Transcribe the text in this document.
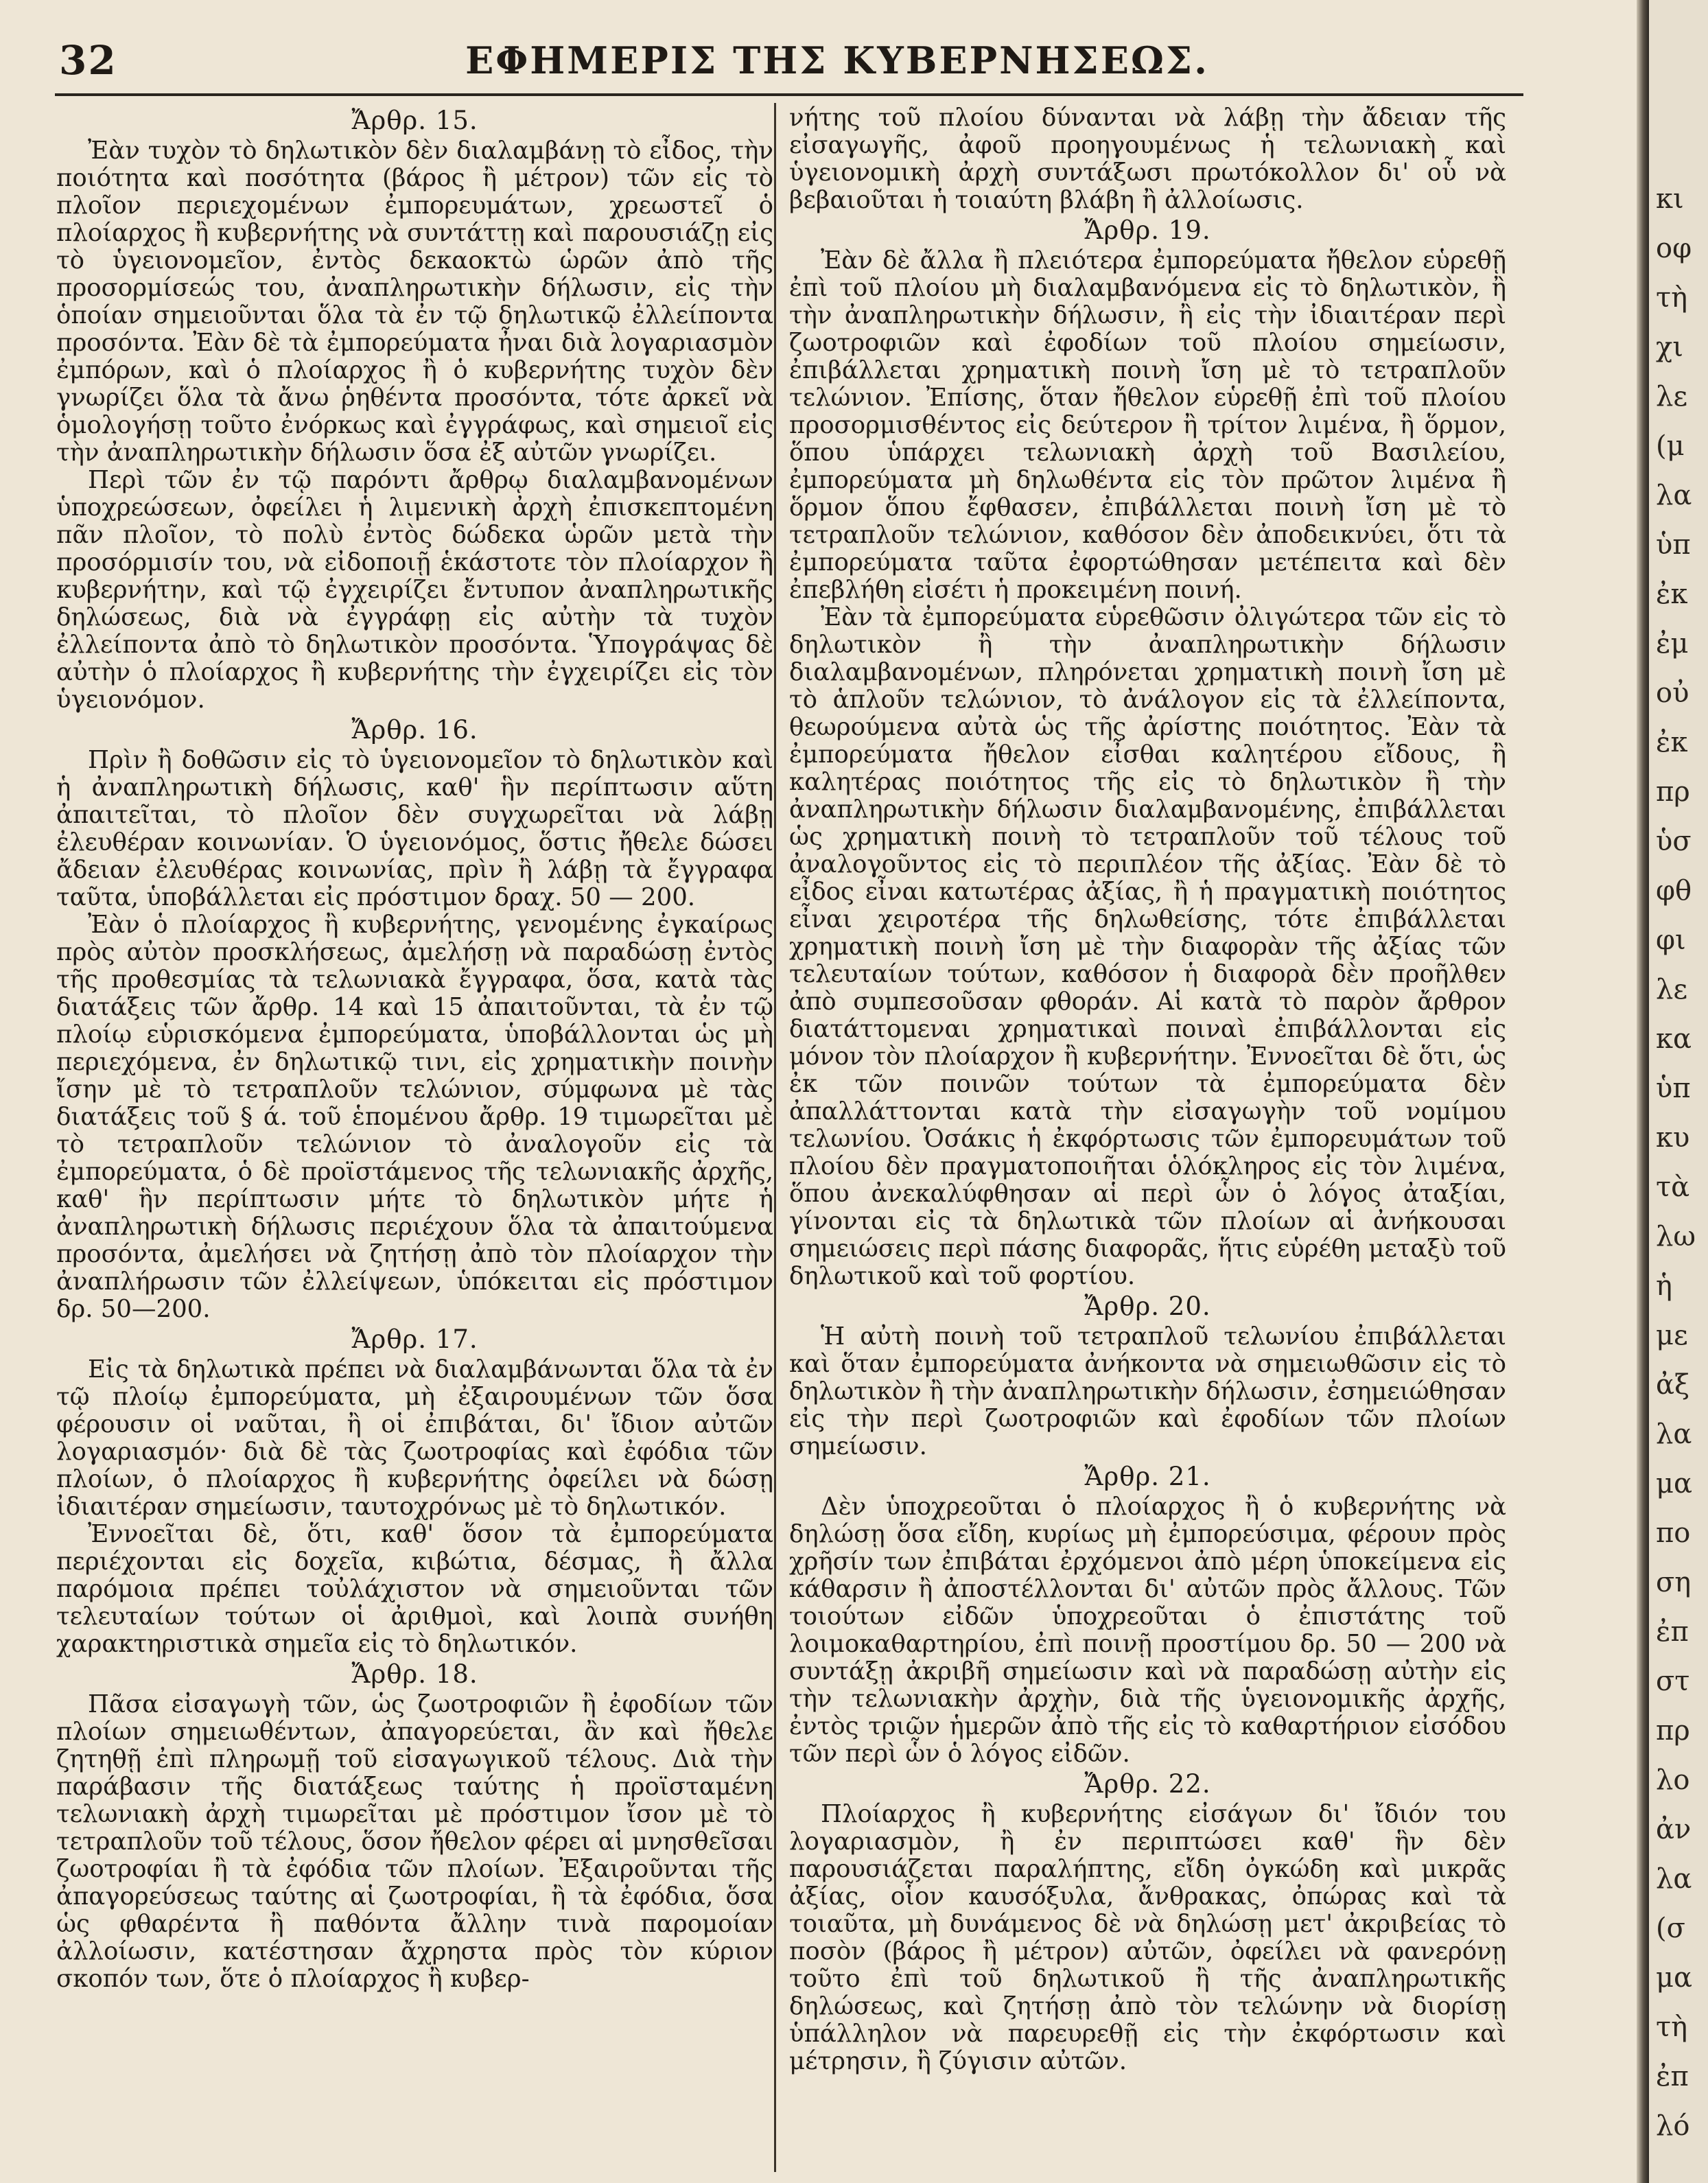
32	ΕΦΗΜΕΡΙΣ ΤΗΣ ΚΥΒΕΡΝΗΣΕΩΣ.
Ἄρθρ. 15.

Ἐὰν τυχὸν τὸ δηλωτικὸν δὲν διαλαμβάνῃ τὸ εἶδος, τὴν ποιότητα καὶ ποσότητα (βάρος ἢ μέτρον) τῶν εἰς τὸ πλοῖον περιεχομένων ἐμπορευμάτων, χρεωστεῖ ὁ πλοίαρχος ἢ κυβερνήτης νὰ συντάττῃ καὶ παρουσιάζῃ εἰς τὸ ὑγειονομεῖον, ἐντὸς δεκαοκτὼ ὡρῶν ἀπὸ τῆς προσορμίσεώς του, ἀναπληρωτικὴν δήλωσιν, εἰς τὴν ὁποίαν σημειοῦνται ὅλα τὰ ἐν τῷ δηλωτικῷ ἐλλείποντα προσόντα. Ἐὰν δὲ τὰ ἐμπορεύματα ἦναι διὰ λογαριασμὸν ἐμπόρων, καὶ ὁ πλοίαρχος ἢ ὁ κυβερνήτης τυχὸν δὲν γνωρίζει ὅλα τὰ ἄνω ῥηθέντα προσόντα, τότε ἀρκεῖ νὰ ὁμολογήσῃ τοῦτο ἐνόρκως καὶ ἐγγράφως, καὶ σημειοῖ εἰς τὴν ἀναπληρωτικὴν δήλωσιν ὅσα ἐξ αὐτῶν γνωρίζει.

Περὶ τῶν ἐν τῷ παρόντι ἄρθρῳ διαλαμβανομένων ὑποχρεώσεων, ὀφείλει ἡ λιμενικὴ ἀρχὴ ἐπισκεπτομένη πᾶν πλοῖον, τὸ πολὺ ἐντὸς δώδεκα ὡρῶν μετὰ τὴν προσόρμισίν του, νὰ εἰδοποιῇ ἑκάστοτε τὸν πλοίαρχον ἢ κυβερνήτην, καὶ τῷ ἐγχειρίζει ἔντυπον ἀναπληρωτικῆς δηλώσεως, διὰ νὰ ἐγγράφῃ εἰς αὐτὴν τὰ τυχὸν ἐλλείποντα ἀπὸ τὸ δηλωτικὸν προσόντα. Ὑπογράψας δὲ αὐτὴν ὁ πλοίαρχος ἢ κυβερνήτης τὴν ἐγχειρίζει εἰς τὸν ὑγειονόμον.

Ἄρθρ. 16.

Πρὶν ἢ δοθῶσιν εἰς τὸ ὑγειονομεῖον τὸ δηλωτικὸν καὶ ἡ ἀναπληρωτικὴ δήλωσις, καθ' ἣν περίπτωσιν αὕτη ἀπαιτεῖται, τὸ πλοῖον δὲν συγχωρεῖται νὰ λάβῃ ἐλευθέραν κοινωνίαν. Ὁ ὑγειονόμος, ὅστις ἤθελε δώσει ἄδειαν ἐλευθέρας κοινωνίας, πρὶν ἢ λάβῃ τὰ ἔγγραφα ταῦτα, ὑποβάλλεται εἰς πρόστιμον δραχ. 50 — 200.

Ἐὰν ὁ πλοίαρχος ἢ κυβερνήτης, γενομένης ἐγκαίρως πρὸς αὐτὸν προσκλήσεως, ἀμελήσῃ νὰ παραδώσῃ ἐντὸς τῆς προθεσμίας τὰ τελωνιακὰ ἔγγραφα, ὅσα, κατὰ τὰς διατάξεις τῶν ἄρθρ. 14 καὶ 15 ἀπαιτοῦνται, τὰ ἐν τῷ πλοίῳ εὑρισκόμενα ἐμπορεύματα, ὑποβάλλονται ὡς μὴ περιεχόμενα, ἐν δηλωτικῷ τινι, εἰς χρηματικὴν ποινὴν ἴσην μὲ τὸ τετραπλοῦν τελώνιον, σύμφωνα μὲ τὰς διατάξεις τοῦ § ά. τοῦ ἑπομένου ἄρθρ. 19 τιμωρεῖται μὲ τὸ τετραπλοῦν τελώνιον τὸ ἀναλογοῦν εἰς τὰ ἐμπορεύματα, ὁ δὲ προϊστάμενος τῆς τελωνιακῆς ἀρχῆς, καθ' ἣν περίπτωσιν μήτε τὸ δηλωτικὸν μήτε ἡ ἀναπληρωτικὴ δήλωσις περιέχουν ὅλα τὰ ἀπαιτούμενα προσόντα, ἀμελήσει νὰ ζητήσῃ ἀπὸ τὸν πλοίαρχον τὴν ἀναπλήρωσιν τῶν ἐλλείψεων, ὑπόκειται εἰς πρόστιμον δρ. 50—200.

Ἄρθρ. 17.

Εἰς τὰ δηλωτικὰ πρέπει νὰ διαλαμβάνωνται ὅλα τὰ ἐν τῷ πλοίῳ ἐμπορεύματα, μὴ ἐξαιρουμένων τῶν ὅσα φέρουσιν οἱ ναῦται, ἢ οἱ ἐπιβάται, δι' ἴδιον αὐτῶν λογαριασμόν· διὰ δὲ τὰς ζωοτροφίας καὶ ἐφόδια τῶν πλοίων, ὁ πλοίαρχος ἢ κυβερνήτης ὀφείλει νὰ δώσῃ ἰδιαιτέραν σημείωσιν, ταυτοχρόνως μὲ τὸ δηλωτικόν.

Ἐννοεῖται δὲ, ὅτι, καθ' ὅσον τὰ ἐμπορεύματα περιέχονται εἰς δοχεῖα, κιβώτια, δέσμας, ἢ ἄλλα παρόμοια πρέπει τοὐλάχιστον νὰ σημειοῦνται τῶν τελευταίων τούτων οἱ ἀριθμοὶ, καὶ λοιπὰ συνήθη χαρακτηριστικὰ σημεῖα εἰς τὸ δηλωτικόν.

Ἄρθρ. 18.

Πᾶσα εἰσαγωγὴ τῶν, ὡς ζωοτροφιῶν ἢ ἐφοδίων τῶν πλοίων σημειωθέντων, ἀπαγορεύεται, ἂν καὶ ἤθελε ζητηθῇ ἐπὶ πληρωμῇ τοῦ εἰσαγωγικοῦ τέλους. Διὰ τὴν παράβασιν τῆς διατάξεως ταύτης ἡ προϊσταμένη τελωνιακὴ ἀρχὴ τιμωρεῖται μὲ πρόστιμον ἴσον μὲ τὸ τετραπλοῦν τοῦ τέλους, ὅσον ἤθελον φέρει αἱ μνησθεῖσαι ζωοτροφίαι ἢ τὰ ἐφόδια τῶν πλοίων. Ἐξαιροῦνται τῆς ἀπαγορεύσεως ταύτης αἱ ζωοτροφίαι, ἢ τὰ ἐφόδια, ὅσα ὡς φθαρέντα ἢ παθόντα ἄλλην τινὰ παρομοίαν ἀλλοίωσιν, κατέστησαν ἄχρηστα πρὸς τὸν κύριον σκοπόν των, ὅτε ὁ πλοίαρχος ἢ κυβερ-

νήτης τοῦ πλοίου δύνανται νὰ λάβῃ τὴν ἄδειαν τῆς εἰσαγωγῆς, ἀφοῦ προηγουμένως ἡ τελωνιακὴ καὶ ὑγειονομικὴ ἀρχὴ συντάξωσι πρωτόκολλον δι' οὗ νὰ βεβαιοῦται ἡ τοιαύτη βλάβη ἢ ἀλλοίωσις.

Ἄρθρ. 19.

Ἐὰν δὲ ἄλλα ἢ πλειότερα ἐμπορεύματα ἤθελον εὑρεθῇ ἐπὶ τοῦ πλοίου μὴ διαλαμβανόμενα εἰς τὸ δηλωτικὸν, ἢ τὴν ἀναπληρωτικὴν δήλωσιν, ἢ εἰς τὴν ἰδιαιτέραν περὶ ζωοτροφιῶν καὶ ἐφοδίων τοῦ πλοίου σημείωσιν, ἐπιβάλλεται χρηματικὴ ποινὴ ἴση μὲ τὸ τετραπλοῦν τελώνιον. Ἐπίσης, ὅταν ἤθελον εὑρεθῇ ἐπὶ τοῦ πλοίου προσορμισθέντος εἰς δεύτερον ἢ τρίτον λιμένα, ἢ ὅρμον, ὅπου ὑπάρχει τελωνιακὴ ἀρχὴ τοῦ Βασιλείου, ἐμπορεύματα μὴ δηλωθέντα εἰς τὸν πρῶτον λιμένα ἢ ὅρμον ὅπου ἔφθασεν, ἐπιβάλλεται ποινὴ ἴση μὲ τὸ τετραπλοῦν τελώνιον, καθόσον δὲν ἀποδεικνύει, ὅτι τὰ ἐμπορεύματα ταῦτα ἐφορτώθησαν μετέπειτα καὶ δὲν ἐπεβλήθη εἰσέτι ἡ προκειμένη ποινή.

Ἐὰν τὰ ἐμπορεύματα εὑρεθῶσιν ὀλιγώτερα τῶν εἰς τὸ δηλωτικὸν ἢ τὴν ἀναπληρωτικὴν δήλωσιν διαλαμβανομένων, πληρόνεται χρηματικὴ ποινὴ ἴση μὲ τὸ ἁπλοῦν τελώνιον, τὸ ἀνάλογον εἰς τὰ ἐλλείποντα, θεωρούμενα αὐτὰ ὡς τῆς ἀρίστης ποιότητος. Ἐὰν τὰ ἐμπορεύματα ἤθελον εἶσθαι καλητέρου εἴδους, ἢ καλητέρας ποιότητος τῆς εἰς τὸ δηλωτικὸν ἢ τὴν ἀναπληρωτικὴν δήλωσιν διαλαμβανομένης, ἐπιβάλλεται ὡς χρηματικὴ ποινὴ τὸ τετραπλοῦν τοῦ τέλους τοῦ ἀναλογοῦντος εἰς τὸ περιπλέον τῆς ἀξίας. Ἐὰν δὲ τὸ εἶδος εἶναι κατωτέρας ἀξίας, ἢ ἡ πραγματικὴ ποιότητος εἶναι χειροτέρα τῆς δηλωθείσης, τότε ἐπιβάλλεται χρηματικὴ ποινὴ ἴση μὲ τὴν διαφορὰν τῆς ἀξίας τῶν τελευταίων τούτων, καθόσον ἡ διαφορὰ δὲν προῆλθεν ἀπὸ συμπεσοῦσαν φθοράν. Αἱ κατὰ τὸ παρὸν ἄρθρον διατάττομεναι χρηματικαὶ ποιναὶ ἐπιβάλλονται εἰς μόνον τὸν πλοίαρχον ἢ κυβερνήτην. Ἐννοεῖται δὲ ὅτι, ὡς ἐκ τῶν ποινῶν τούτων τὰ ἐμπορεύματα δὲν ἀπαλλάττονται κατὰ τὴν εἰσαγωγὴν τοῦ νομίμου τελωνίου. Ὁσάκις ἡ ἐκφόρτωσις τῶν ἐμπορευμάτων τοῦ πλοίου δὲν πραγματοποιῆται ὁλόκληρος εἰς τὸν λιμένα, ὅπου ἀνεκαλύφθησαν αἱ περὶ ὧν ὁ λόγος ἀταξίαι, γίνονται εἰς τὰ δηλωτικὰ τῶν πλοίων αἱ ἀνήκουσαι σημειώσεις περὶ πάσης διαφορᾶς, ἥτις εὑρέθη μεταξὺ τοῦ δηλωτικοῦ καὶ τοῦ φορτίου.

Ἄρθρ. 20.

Ἡ αὐτὴ ποινὴ τοῦ τετραπλοῦ τελωνίου ἐπιβάλλεται καὶ ὅταν ἐμπορεύματα ἀνήκοντα νὰ σημειωθῶσιν εἰς τὸ δηλωτικὸν ἢ τὴν ἀναπληρωτικὴν δήλωσιν, ἐσημειώθησαν εἰς τὴν περὶ ζωοτροφιῶν καὶ ἐφοδίων τῶν πλοίων σημείωσιν.

Ἄρθρ. 21.

Δὲν ὑποχρεοῦται ὁ πλοίαρχος ἢ ὁ κυβερνήτης νὰ δηλώσῃ ὅσα εἴδη, κυρίως μὴ ἐμπορεύσιμα, φέρουν πρὸς χρῆσίν των ἐπιβάται ἐρχόμενοι ἀπὸ μέρη ὑποκείμενα εἰς κάθαρσιν ἢ ἀποστέλλονται δι' αὐτῶν πρὸς ἄλλους. Τῶν τοιούτων εἰδῶν ὑποχρεοῦται ὁ ἐπιστάτης τοῦ λοιμοκαθαρτηρίου, ἐπὶ ποινῇ προστίμου δρ. 50 — 200 νὰ συντάξῃ ἀκριβῆ σημείωσιν καὶ νὰ παραδώσῃ αὐτὴν εἰς τὴν τελωνιακὴν ἀρχὴν, διὰ τῆς ὑγειονομικῆς ἀρχῆς, ἐντὸς τριῶν ἡμερῶν ἀπὸ τῆς εἰς τὸ καθαρτήριον εἰσόδου τῶν περὶ ὧν ὁ λόγος εἰδῶν.

Ἄρθρ. 22.

Πλοίαρχος ἢ κυβερνήτης εἰσάγων δι' ἴδιόν του λογαριασμὸν, ἢ ἐν περιπτώσει καθ' ἣν δὲν παρουσιάζεται παραλήπτης, εἴδη ὀγκώδη καὶ μικρᾶς ἀξίας, οἷον καυσόξυλα, ἄνθρακας, ὀπώρας καὶ τὰ τοιαῦτα, μὴ δυνάμενος δὲ νὰ δηλώσῃ μετ' ἀκριβείας τὸ ποσὸν (βάρος ἢ μέτρον) αὐτῶν, ὀφείλει νὰ φανερόνῃ τοῦτο ἐπὶ τοῦ δηλωτικοῦ ἢ τῆς ἀναπληρωτικῆς δηλώσεως, καὶ ζητήσῃ ἀπὸ τὸν τελώνην νὰ διορίσῃ ὑπάλληλον νὰ παρευρεθῇ εἰς τὴν ἐκφόρτωσιν καὶ μέτρησιν, ἢ ζύγισιν αὐτῶν.

κι
οφ
τὴ
χι
λε
(μ
λα
ὑπ
ἐκ
ἐμ
οὐ
ἐκ
πρ
ὑσ
φθ
φι
λε
κα
ὑπ
κυ
τὰ
λω
ἡ
με
ἀξ
λα
μα
πο
ση
ἐπ
στ
πρ
λο
ἀν
λα
(σ
μα
τὴ
ἐπ
λό
